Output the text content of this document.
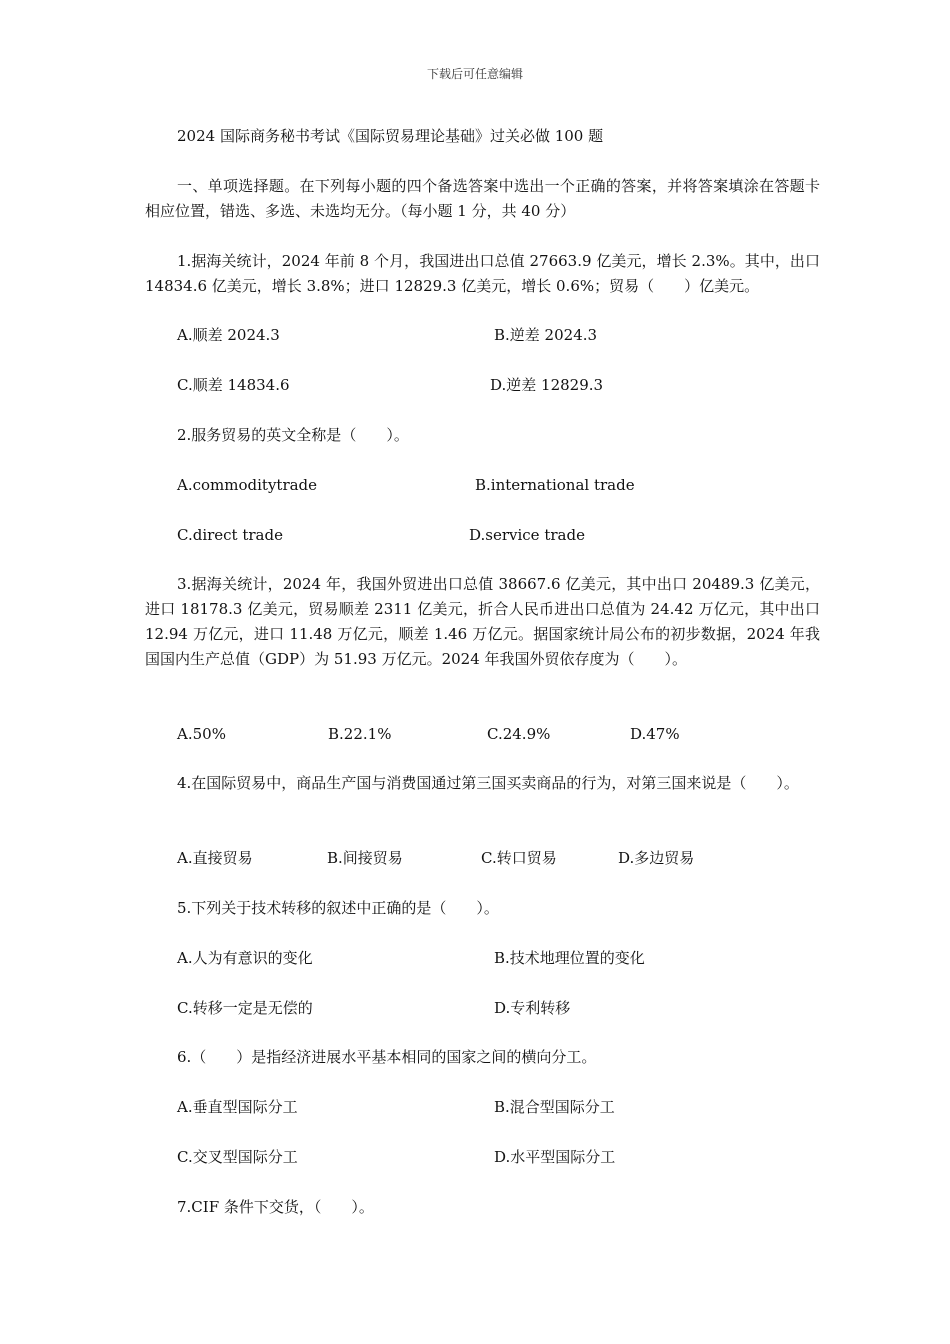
下载后可任意编辑
2024 国际商务秘书考试《国际贸易理论基础》过关必做 100 题
一、单项选择题。在下列每小题的四个备选答案中选出一个正确的答案，并将答案填涂在答题卡相应位置，错选、多选、未选均无分。（每小题 1 分，共 40 分）
1.据海关统计，2024 年前 8 个月，我国进出口总值 27663.9 亿美元，增长 2.3%。其中，出口 14834.6 亿美元，增长 3.8%；进口 12829.3 亿美元，增长 0.6%；贸易（　　）亿美元。
A.顺差 2024.3	B.逆差 2024.3
C.顺差 14834.6	D.逆差 12829.3
2.服务贸易的英文全称是（　　）。
A.commoditytrade	B.international trade
C.direct trade	D.service trade
3.据海关统计，2024 年，我国外贸进出口总值 38667.6 亿美元，其中出口 20489.3 亿美元，进口 18178.3 亿美元，贸易顺差 2311 亿美元，折合人民币进出口总值为 24.42 万亿元，其中出口 12.94 万亿元，进口 11.48 万亿元，顺差 1.46 万亿元。据国家统计局公布的初步数据，2024 年我国国内生产总值（GDP）为 51.93 万亿元。2024 年我国外贸依存度为（　　）。
A.50%	B.22.1%	C.24.9%	D.47%
4.在国际贸易中，商品生产国与消费国通过第三国买卖商品的行为，对第三国来说是（　　）。
A.直接贸易	B.间接贸易	C.转口贸易	D.多边贸易
5.下列关于技术转移的叙述中正确的是（　　）。
A.人为有意识的变化	B.技术地理位置的变化
C.转移一定是无偿的	D.专利转移
6.（　　）是指经济进展水平基本相同的国家之间的横向分工。
A.垂直型国际分工	B.混合型国际分工
C.交叉型国际分工	D.水平型国际分工
7.CIF 条件下交货，（　　）。
